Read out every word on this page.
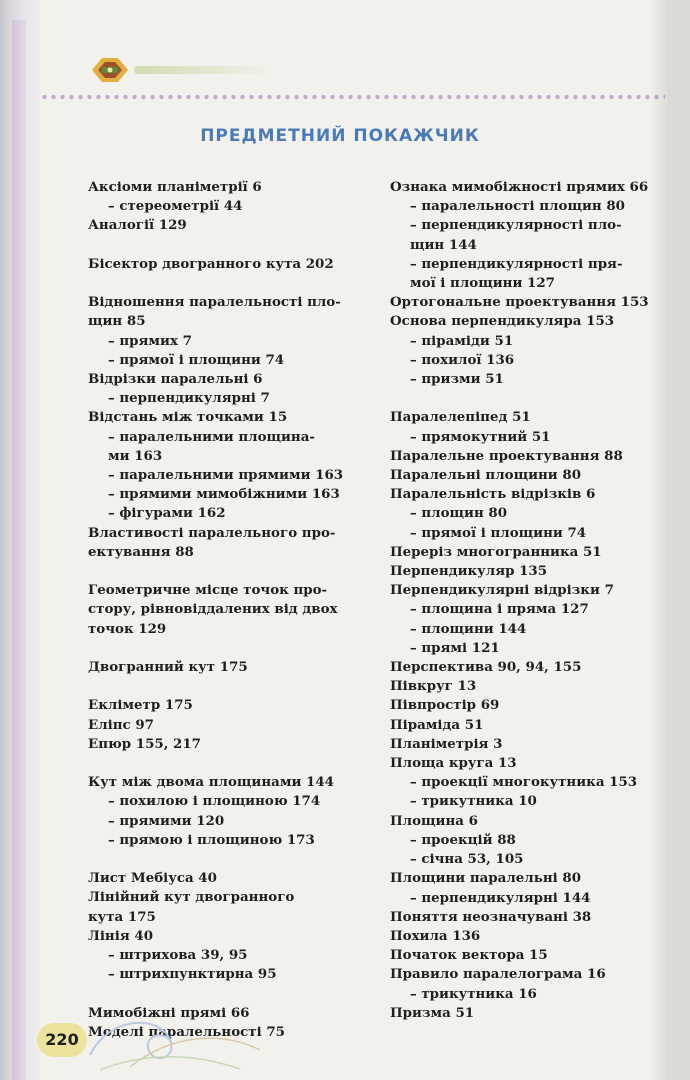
ПРЕДМЕТНИЙ ПОКАЖЧИК
Аксіоми планіметрії 6
– стереометрії 44
Аналогії 129
Бісектор двогранного кута 202
Відношення паралельності пло-
щин 85
– прямих 7
– прямої і площини 74
Відрізки паралельні 6
– перпендикулярні 7
Відстань між точками 15
– паралельними площина-
ми 163
– паралельними прямими 163
– прямими мимобіжними 163
– фігурами 162
Властивості паралельного про-
ектування 88
Геометричне місце точок про-
стору, рівновіддалених від двох
точок 129
Двогранний кут 175
Екліметр 175
Еліпс 97
Епюр 155, 217
Кут між двома площинами 144
– похилою і площиною 174
– прямими 120
– прямою і площиною 173
Лист Мебіуса 40
Лінійний кут двогранного
кута 175
Лінія 40
– штрихова 39, 95
– штрихпунктирна 95
Мимобіжні прямі 66
Моделі паралельності 75
Ознака мимобіжності прямих 66
– паралельності площин 80
– перпендикулярності пло-
щин 144
– перпендикулярності пря-
мої і площини 127
Ортогональне проектування 153
Основа перпендикуляра 153
– піраміди 51
– похилої 136
– призми 51
Паралелепіпед 51
– прямокутний 51
Паралельне проектування 88
Паралельні площини 80
Паралельність відрізків 6
– площин 80
– прямої і площини 74
Переріз многогранника 51
Перпендикуляр 135
Перпендикулярні відрізки 7
– площина і пряма 127
– площини 144
– прямі 121
Перспектива 90, 94, 155
Півкруг 13
Півпростір 69
Піраміда 51
Планіметрія 3
Площа круга 13
– проекції многокутника 153
– трикутника 10
Площина 6
– проекцій 88
– січна 53, 105
Площини паралельні 80
– перпендикулярні 144
Поняття неозначувані 38
Похила 136
Початок вектора 15
Правило паралелограма 16
– трикутника 16
Призма 51
220
